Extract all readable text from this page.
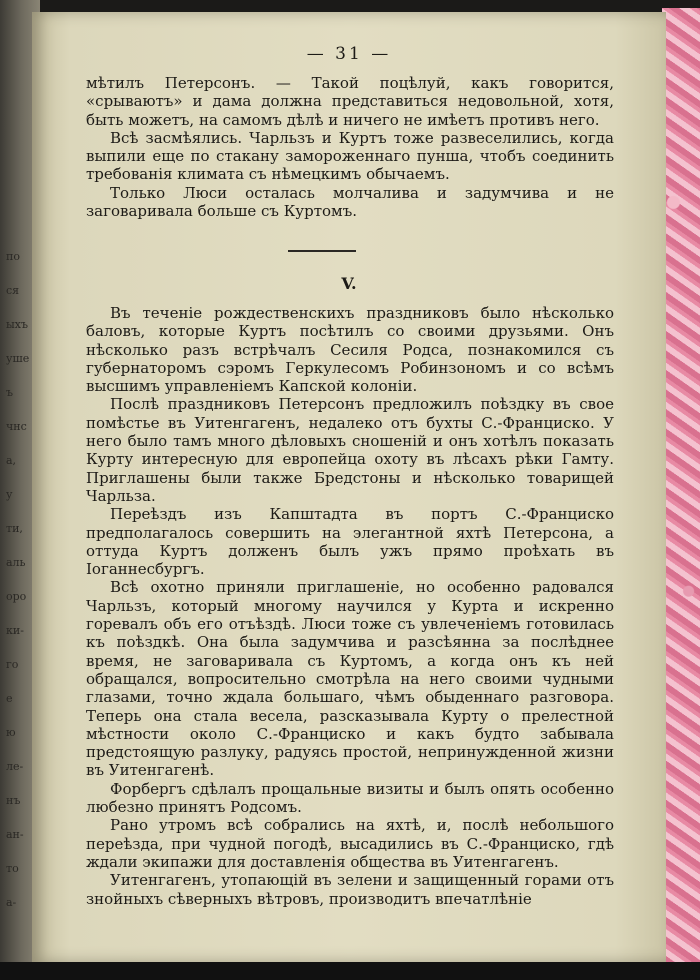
по
ся
ыхъ
уше
ъ
чнс
а,
у
ти,
аль
оро
ки-
го
е
ю
ле-
нъ
ан-
то
а-
— 31 —

мѣтилъ Петерсонъ. — Такой поцѣлуй, какъ говорится, «срываютъ» и дама должна представиться недовольной, хотя, быть можетъ, на самомъ дѣлѣ и ничего не имѣетъ противъ него.

Всѣ засмѣялись. Чарльзъ и Куртъ тоже развеселились, когда выпили еще по стакану замороженнаго пунша, чтобъ соединить требованія климата съ нѣмецкимъ обычаемъ.

Только Люси осталась молчалива и задумчива и не заговаривала больше съ Куртомъ.

V.

Въ теченіе рождественскихъ праздниковъ было нѣсколько баловъ, которые Куртъ посѣтилъ со своими друзьями. Онъ нѣсколько разъ встрѣчалъ Сесиля Родса, познакомился съ губернаторомъ сэромъ Геркулесомъ Робинзономъ и со всѣмъ высшимъ управленіемъ Капской колоніи.

Послѣ праздниковъ Петерсонъ предложилъ поѣздку въ свое помѣстье въ Уитенгагенъ, недалеко отъ бухты С.-Франциско. У него было тамъ много дѣловыхъ сношеній и онъ хотѣлъ показать Курту интересную для европейца охоту въ лѣсахъ рѣки Гамту. Приглашены были также Бредстоны и нѣсколько товарищей Чарльза.

Переѣздъ изъ Капштадта въ портъ С.-Франциско предполагалось совершить на элегантной яхтѣ Петерсона, а оттуда Куртъ долженъ былъ ужъ прямо проѣхать въ Іоганнесбургъ.

Всѣ охотно приняли приглашеніе, но особенно радовался Чарльзъ, который многому научился у Курта и искренно горевалъ объ его отъѣздѣ. Люси тоже съ увлеченіемъ готовилась къ поѣздкѣ. Она была задумчива и разсѣянна за послѣднее время, не заговаривала съ Куртомъ, а когда онъ къ ней обращался, вопросительно смотрѣла на него своими чудными глазами, точно ждала большаго, чѣмъ обыденнаго разговора. Теперь она стала весела, разсказывала Курту о прелестной мѣстности около С.-Франциско и какъ будто забывала предстоящую разлуку, радуясь простой, непринужденной жизни въ Уитенгагенѣ.

Форбергъ сдѣлалъ прощальные визиты и былъ опять особенно любезно принятъ Родсомъ.

Рано утромъ всѣ собрались на яхтѣ, и, послѣ небольшого переѣзда, при чудной погодѣ, высадились въ С.-Франциско, гдѣ ждали экипажи для доставленія общества въ Уитенгагенъ.

Уитенгагенъ, утопающій въ зелени и защищенный горами отъ знойныхъ сѣверныхъ вѣтровъ, производитъ впечатлѣніе
